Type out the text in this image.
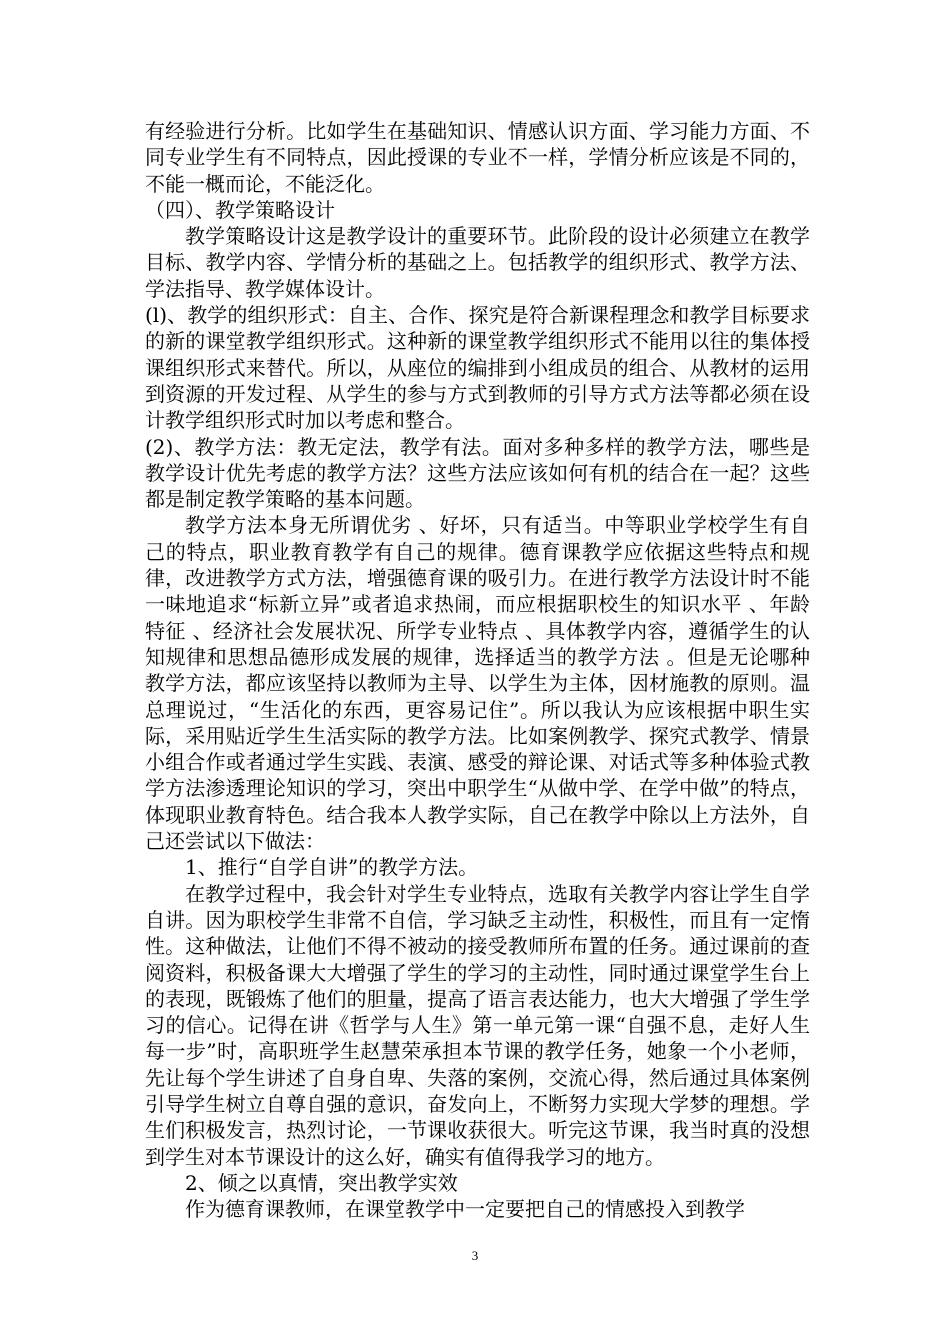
有经验进行分析。比如学生在基础知识、情感认识方面、学习能力方面、不同专业学生有不同特点，因此授课的专业不一样，学情分析应该是不同的，不能一概而论，不能泛化。

（四）、教学策略设计

教学策略设计这是教学设计的重要环节。此阶段的设计必须建立在教学目标、教学内容、学情分析的基础之上。包括教学的组织形式、教学方法、学法指导、教学媒体设计。

(l)、教学的组织形式：自主、合作、探究是符合新课程理念和教学目标要求的新的课堂教学组织形式。这种新的课堂教学组织形式不能用以往的集体授课组织形式来替代。所以，从座位的编排到小组成员的组合、从教材的运用到资源的开发过程、从学生的参与方式到教师的引导方式方法等都必须在设计教学组织形式时加以考虑和整合。

(2)、教学方法：教无定法，教学有法。面对多种多样的教学方法，哪些是教学设计优先考虑的教学方法？这些方法应该如何有机的结合在一起？这些都是制定教学策略的基本问题。

教学方法本身无所谓优劣 、好坏，只有适当。中等职业学校学生有自己的特点，职业教育教学有自己的规律。德育课教学应依据这些特点和规律，改进教学方式方法，增强德育课的吸引力。在进行教学方法设计时不能一味地追求“标新立异”或者追求热闹，而应根据职校生的知识水平 、年龄特征 、经济社会发展状况、所学专业特点 、具体教学内容，遵循学生的认知规律和思想品德形成发展的规律，选择适当的教学方法 。但是无论哪种教学方法，都应该坚持以教师为主导、以学生为主体，因材施教的原则。温总理说过，“生活化的东西，更容易记住”。所以我认为应该根据中职生实际，采用贴近学生生活实际的教学方法。比如案例教学、探究式教学、情景小组合作或者通过学生实践、表演、感受的辩论课、对话式等多种体验式教学方法渗透理论知识的学习，突出中职学生“从做中学、在学中做”的特点，体现职业教育特色。结合我本人教学实际，自己在教学中除以上方法外，自己还尝试以下做法：

1、推行“自学自讲”的教学方法。

在教学过程中，我会针对学生专业特点，选取有关教学内容让学生自学自讲。因为职校学生非常不自信，学习缺乏主动性，积极性，而且有一定惰性。这种做法，让他们不得不被动的接受教师所布置的任务。通过课前的查阅资料，积极备课大大增强了学生的学习的主动性，同时通过课堂学生台上的表现，既锻炼了他们的胆量，提高了语言表达能力，也大大增强了学生学习的信心。记得在讲《哲学与人生》第一单元第一课“自强不息，走好人生每一步”时，高职班学生赵慧荣承担本节课的教学任务，她象一个小老师，先让每个学生讲述了自身自卑、失落的案例，交流心得，然后通过具体案例引导学生树立自尊自强的意识，奋发向上，不断努力实现大学梦的理想。学生们积极发言，热烈讨论，一节课收获很大。听完这节课，我当时真的没想到学生对本节课设计的这么好，确实有值得我学习的地方。

2、倾之以真情，突出教学实效

作为德育课教师，在课堂教学中一定要把自己的情感投入到教学

3
